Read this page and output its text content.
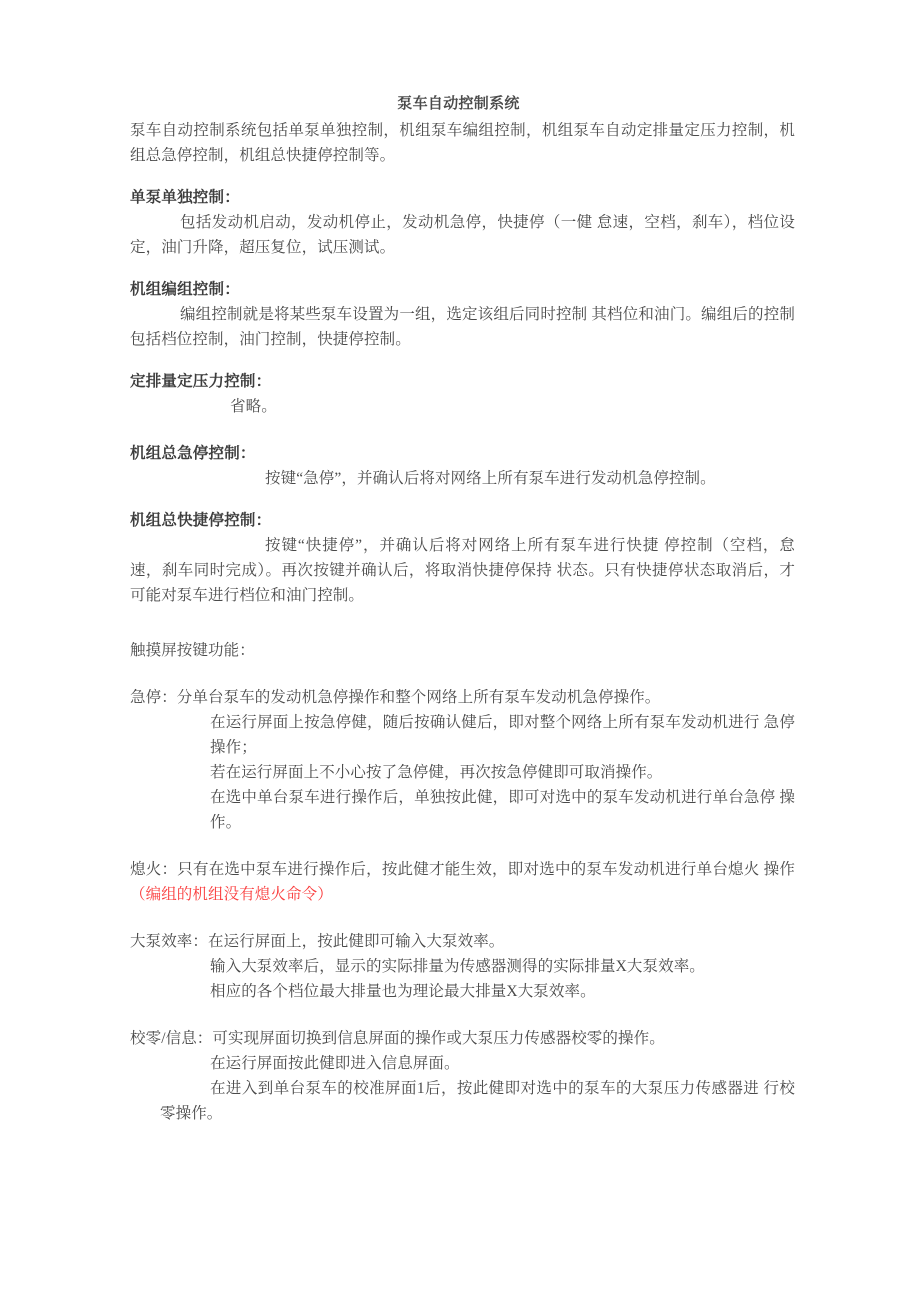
泵车自动控制系统

泵车自动控制系统包括单泵单独控制，机组泵车编组控制，机组泵车自动定排量定压力控制，机组总急停控制，机组总快捷停控制等。

单泵单独控制：

包括发动机启动，发动机停止，发动机急停，快捷停（一健 怠速，空档，刹车），档位设定，油门升降，超压复位，试压测试。

机组编组控制：

编组控制就是将某些泵车设置为一组，选定该组后同时控制 其档位和油门。编组后的控制包括档位控制，油门控制，快捷停控制。

定排量定压力控制：

省略。

机组总急停控制：

按键“急停”，并确认后将对网络上所有泵车进行发动机急停控制。

机组总快捷停控制：

按键“快捷停”，并确认后将对网络上所有泵车进行快捷 停控制（空档，怠速，刹车同时完成）。再次按键并确认后，将取消快捷停保持 状态。只有快捷停状态取消后，才可能对泵车进行档位和油门控制。

触摸屏按键功能：

急停：分单台泵车的发动机急停操作和整个网络上所有泵车发动机急停操作。

在运行屏面上按急停健，随后按确认健后，即对整个网络上所有泵车发动机进行 急停操作；

若在运行屏面上不小心按了急停健，再次按急停健即可取消操作。

在选中单台泵车进行操作后，单独按此健，即可对选中的泵车发动机进行单台急停 操作。

熄火：只有在选中泵车进行操作后，按此健才能生效，即对选中的泵车发动机进行单台熄火 操作（编组的机组没有熄火命令）

大泵效率：在运行屏面上，按此健即可输入大泵效率。

输入大泵效率后，显示的实际排量为传感器测得的实际排量X大泵效率。

相应的各个档位最大排量也为理论最大排量X大泵效率。

校零/信息：可实现屏面切换到信息屏面的操作或大泵压力传感器校零的操作。

在运行屏面按此健即进入信息屏面。

在进入到单台泵车的校准屏面1后，按此健即对选中的泵车的大泵压力传感器进 行校零操作。
